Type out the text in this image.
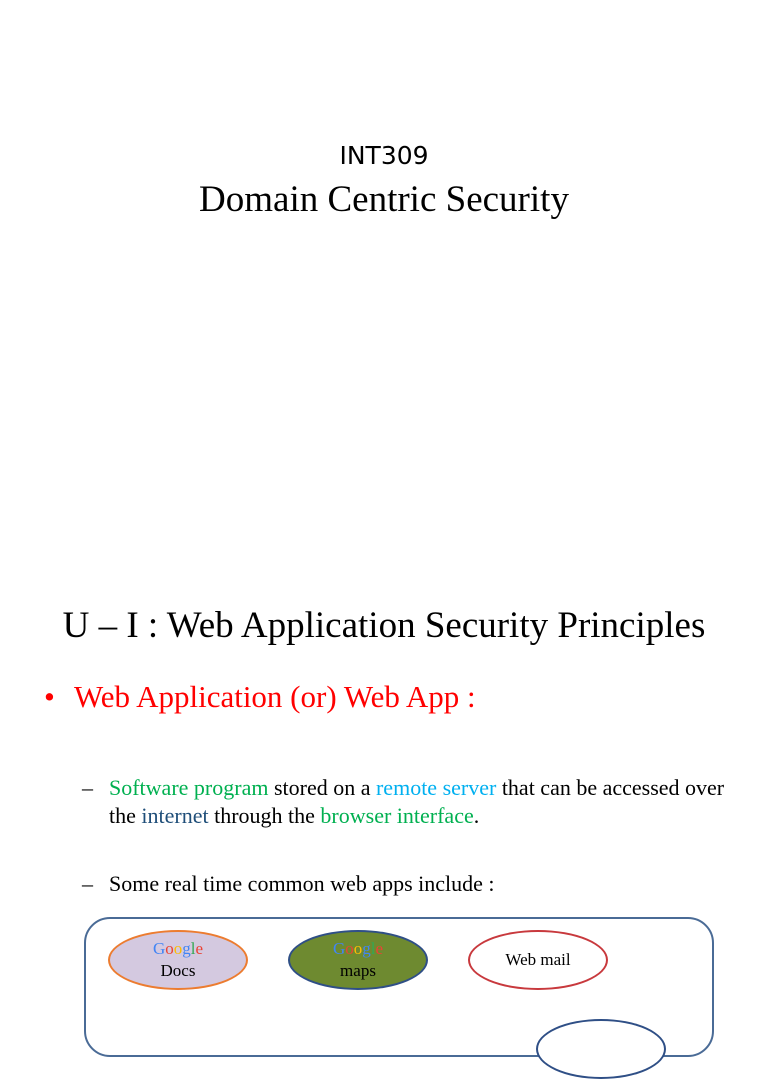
INT309
Domain Centric Security
U – I : Web Application Security Principles
• Web Application (or) Web App :
– Software program stored on a remote server that can be accessed over the internet through the browser interface.
– Some real time common web apps include :
Google
Docs
Google
maps
Web mail
